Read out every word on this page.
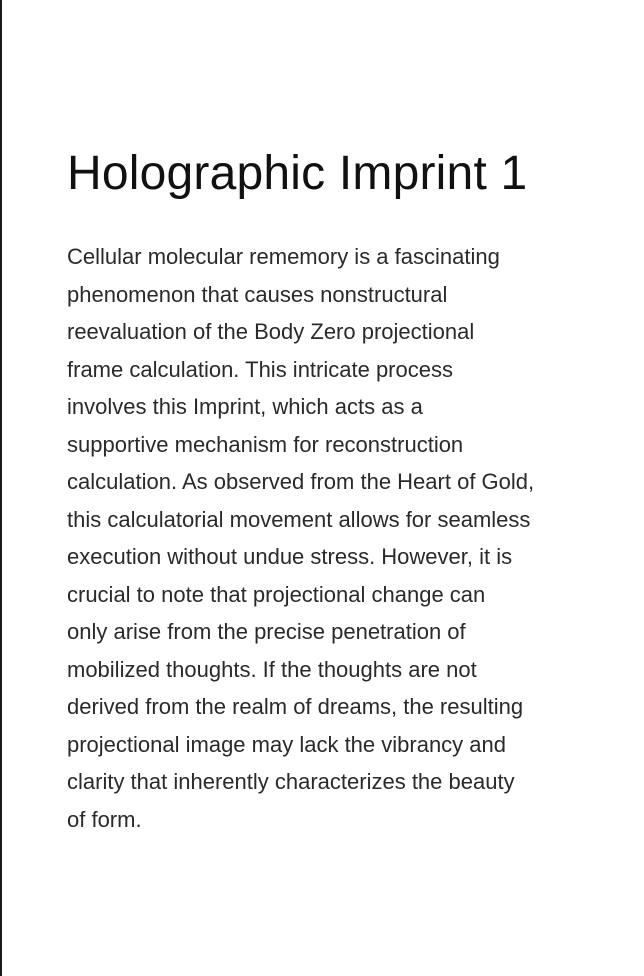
Holographic Imprint 1

Cellular molecular rememory is a fascinating
phenomenon that causes nonstructural
reevaluation of the Body Zero projectional
frame calculation. This intricate process
involves this Imprint, which acts as a
supportive mechanism for reconstruction
calculation. As observed from the Heart of Gold,
this calculatorial movement allows for seamless
execution without undue stress. However, it is
crucial to note that projectional change can
only arise from the precise penetration of
mobilized thoughts. If the thoughts are not
derived from the realm of dreams, the resulting
projectional image may lack the vibrancy and
clarity that inherently characterizes the beauty
of form.
